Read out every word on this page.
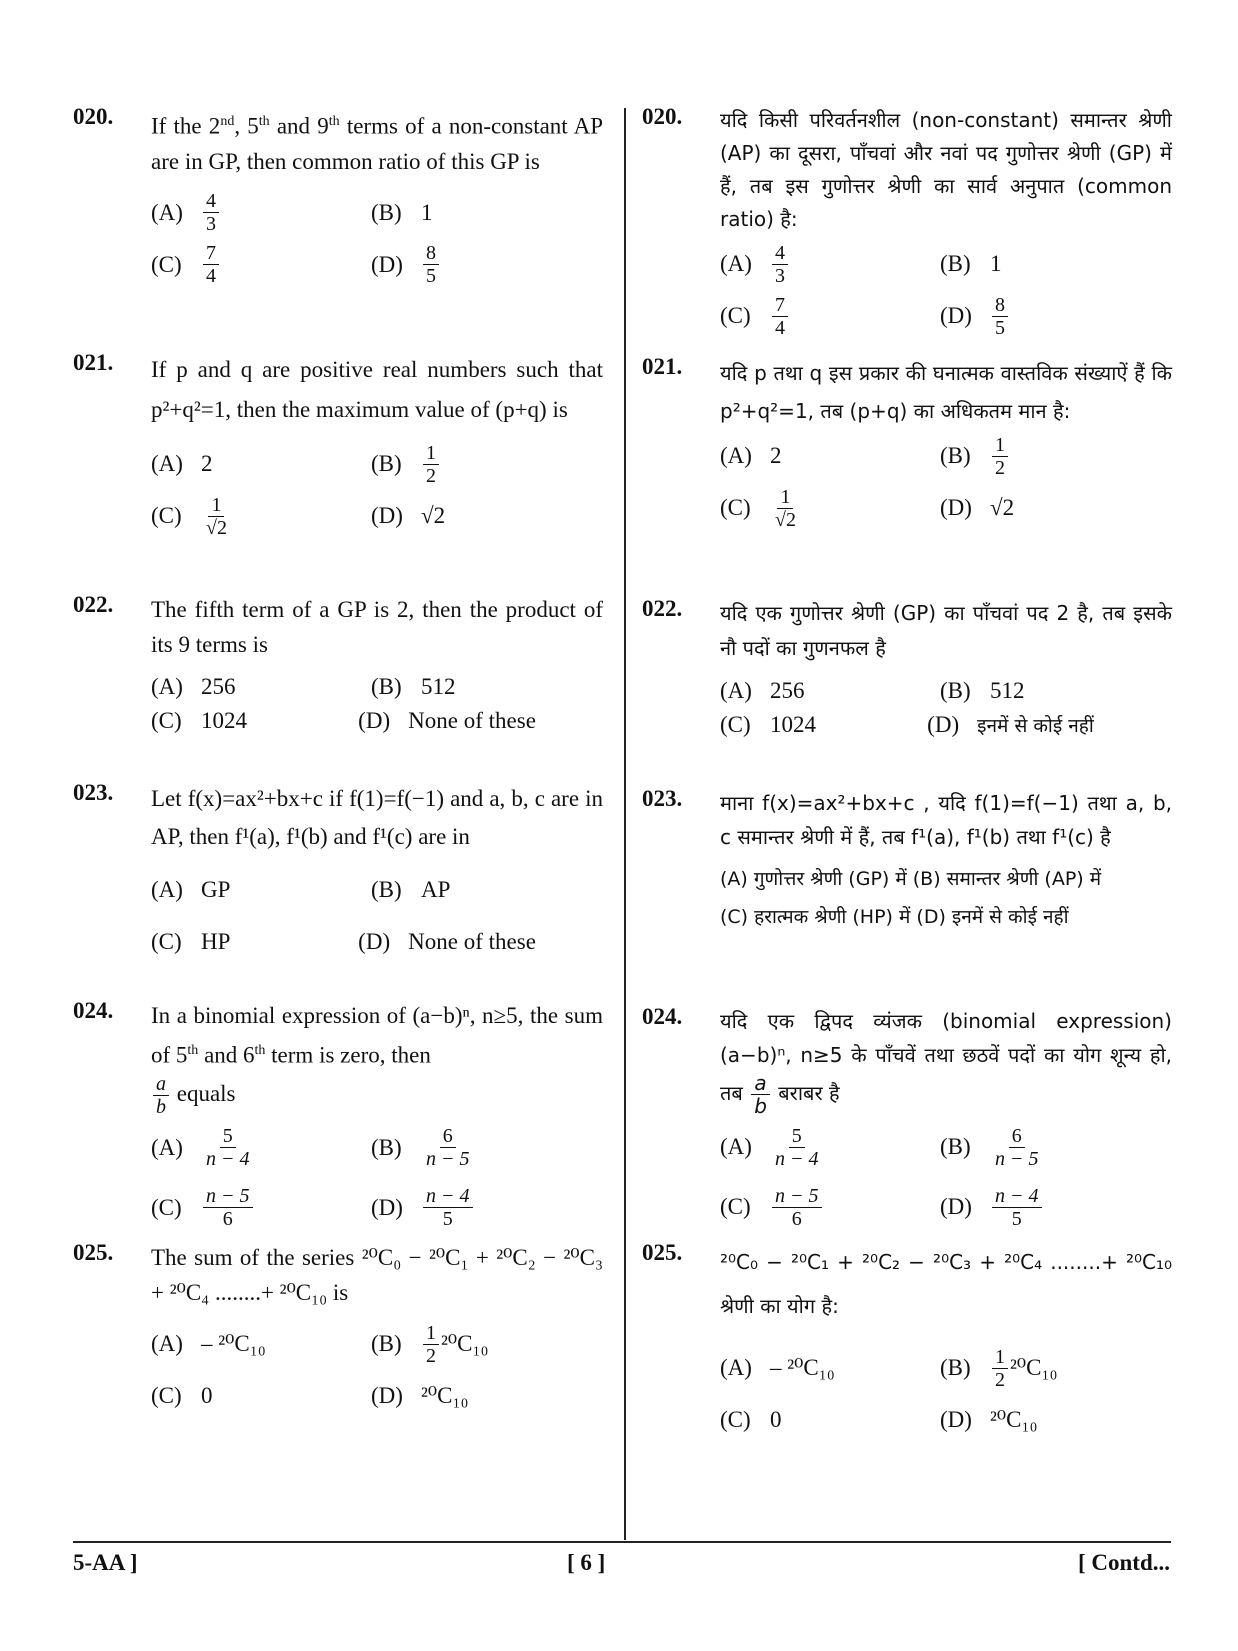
020. If the 2nd, 5th and 9th terms of a non-constant AP are in GP, then common ratio of this GP is
(A)	$\frac{4}{3}$	(B) 1
(C)	$\frac{7}{4}$	(D)	$\frac{8}{5}$
021. If p and q are positive real numbers such that p²+q²=1, then the maximum value of (p+q) is
(A) 2	(B)	$\frac{1}{2}$
(C)	$\frac{1}{√2}$	(D) √2
022. The fifth term of a GP is 2, then the product of its 9 terms is
(A) 256	(B) 512
(C) 1024	(D) None of these
023. Let f(x)=ax²+bx+c if f(1)=f(−1) and a, b, c are in AP, then f¹(a), f¹(b) and f¹(c) are in
(A) GP	(B) AP
(C) HP	(D) None of these
024. In a binomial expression of (a−b)ⁿ, n≥5, the sum of 5th and 6th term is zero, then

$\frac{a}{b}$ equals
(A)	$\frac{5}{n - 4}$	(B)	$\frac{6}{n - 5}$
(C)	$\frac{n - 5}{6}$	(D)	$\frac{n - 4}{5}$
025. The sum of the series ²⁰C₀ − ²⁰C₁ + ²⁰C₂ − ²⁰C₃ + ²⁰C₄ ........+ ²⁰C₁₀ is
(A) – ²⁰C₁₀	(B)	$\frac{1}{2} ^{20}C_{10}$
(C) 0	(D) ²⁰C₁₀
020. यदि किसी परिवर्तनशील (non-constant) समान्तर श्रेणी (AP) का दूसरा, पाँचवां और नवां पद गुणोत्तर श्रेणी (GP) में हैं, तब इस गुणोत्तर श्रेणी का सार्व अनुपात (common ratio) है:
(A)	$\frac{4}{3}$	(B) 1
(C)	$\frac{7}{4}$	(D)	$\frac{8}{5}$
021. यदि p तथा q इस प्रकार की घनात्मक वास्तविक संख्याऐं हैं कि p²+q²=1, तब (p+q) का अधिकतम मान है:
(A) 2	(B)	$\frac{1}{2}$
(C)	$\frac{1}{√2}$	(D) √2
022. यदि एक गुणोत्तर श्रेणी (GP) का पाँचवां पद 2 है, तब इसके नौ पदों का गुणनफल है
(A) 256	(B) 512
(C) 1024	(D) इनमें से कोई नहीं
023. माना f(x)=ax²+bx+c , यदि f(1)=f(−1) तथा a, b, c समान्तर श्रेणी में हैं, तब f¹(a), f¹(b) तथा f¹(c) है
(A) गुणोत्तर श्रेणी (GP) में (B) समान्तर श्रेणी (AP) में
(C) हरात्मक श्रेणी (HP) में (D) इनमें से कोई नहीं
024. यदि एक द्विपद व्यंजक (binomial expression) (a−b)ⁿ, n≥5 के पाँचवें तथा छठवें पदों का योग शून्य हो, तब $\frac{a}{b}$ बराबर है
(A)	$\frac{5}{n - 4}$	(B)	$\frac{6}{n - 5}$
(C)	$\frac{n - 5}{6}$	(D)	$\frac{n - 4}{5}$
025. ²⁰C₀ − ²⁰C₁ + ²⁰C₂ − ²⁰C₃ + ²⁰C₄ ........+ ²⁰C₁₀ श्रेणी का योग है:
(A) – ²⁰C₁₀	(B)	$\frac{1}{2} ^{20}C_{10}$
(C) 0	(D) ²⁰C₁₀
5-AA ]	[ 6 ]	[ Contd...
